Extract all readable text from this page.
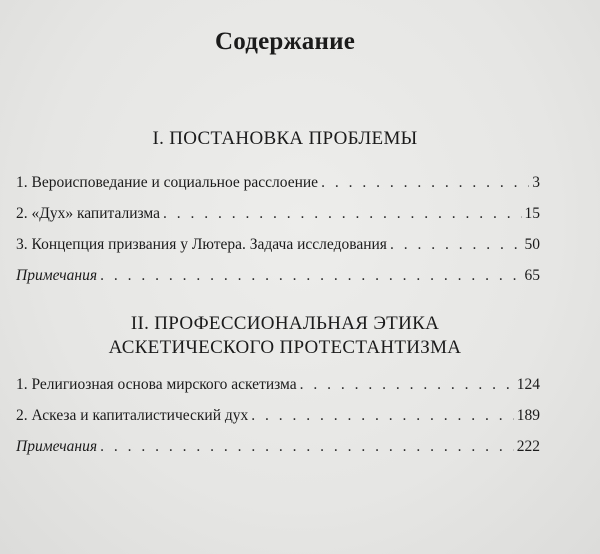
Содержание
I. ПОСТАНОВКА ПРОБЛЕМЫ
1. Вероисповедание и социальное расслоение . . .	3
2. «Дух» капитализма . . .	15
3. Концепция призвания у Лютера. Задача исследования . . .	50
Примечания . . .	65
II. ПРОФЕССИОНАЛЬНАЯ ЭТИКА
АСКЕТИЧЕСКОГО ПРОТЕСТАНТИЗМА
1. Религиозная основа мирского аскетизма . . .	124
2. Аскеза и капиталистический дух . . .	189
Примечания . . .	222
